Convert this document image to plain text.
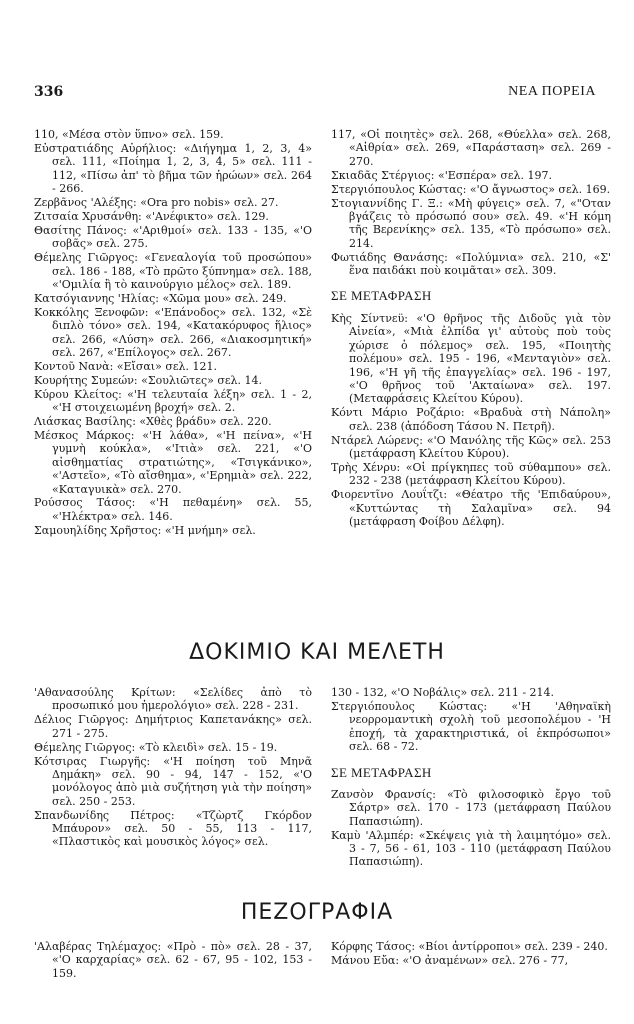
336	ΝΕΑ ΠΟΡΕΙΑ

110, «Μέσα στὸν ὕπνο» σελ. 159.

Εὐστρατιάδης Αὐρήλιος: «Διήγημα 1, 2, 3, 4» σελ. 111, «Ποίημα 1, 2, 3, 4, 5» σελ. 111 - 112, «Πίσω ἀπ' τὸ βῆμα τῶν ἡρώων» σελ. 264 - 266.

Ζερβᾶνος 'Αλέξης: «Ora pro nobis» σελ. 27.

Ζιτσαία Χρυσάνθη: «'Ανέφικτο» σελ. 129.

Θασίτης Πάνος: «'Αριθμοί» σελ. 133 - 135, «'Ο σοβᾶς» σελ. 275.

Θέμελης Γιῶργος: «Γενεαλογία τοῦ προσώπου» σελ. 186 - 188, «Τὸ πρῶτο ξύπνημα» σελ. 188, «'Ομιλία ἢ τὸ καινούργιο μέλος» σελ. 189.

Κατσόγιαννης 'Ηλίας: «Χῶμα μου» σελ. 249.

Κοκκόλης Ξενοφῶν: «'Επάνοδος» σελ. 132, «Σὲ διπλὸ τόνο» σελ. 194, «Κατακόρυφος ἥλιος» σελ. 266, «Λύση» σελ. 266, «Διακοσμητική» σελ. 267, «'Επίλογος» σελ. 267.

Κοντοῦ Νανὰ: «Εἴσαι» σελ. 121.

Κουρήτης Συμεών: «Σουλιῶτες» σελ. 14.

Κύρου Κλείτος: «'Η τελευταία λέξη» σελ. 1 - 2, «'Η στοιχειωμένη βροχή» σελ. 2.

Λιάσκας Βασίλης: «Χθὲς βράδυ» σελ. 220.

Μέσκος Μάρκος: «'Η λάθα», «'Η πείνα», «'Η γυμνὴ κούκλα», «'Ιτιὰ» σελ. 221, «'Ο αἰσθηματίας στρατιώτης», «Τσιγκάνικο», «'Αστεῖο», «Τὸ αἴσθημα», «'Ερημιὰ» σελ. 222, «Καταγυικὰ» σελ. 270.

Ρούσσος Τάσος: «'Η πεθαμένη» σελ. 55, «'Ηλέκτρα» σελ. 146.

Σαμουηλίδης Χρῆστος: «'Η μνήμη» σελ.

117, «Οἱ ποιητὲς» σελ. 268, «Θύελλα» σελ. 268, «Αἰθρία» σελ. 269, «Παράσταση» σελ. 269 - 270.

Σκιαδᾶς Στέργιος: «'Εσπέρα» σελ. 197.

Στεργιόπουλος Κώστας: «'Ο ἄγνωστος» σελ. 169.

Στογιαννίδης Γ. Ξ.: «Μὴ φύγεις» σελ. 7, «"Οταν βγάζεις τὸ πρόσωπό σου» σελ. 49. «'Η κόμη τῆς Βερενίκης» σελ. 135, «Τὸ πρόσωπο» σελ. 214.

Φωτιάδης Θανάσης: «Πολύμνια» σελ. 210, «Σ' ἕνα παιδάκι ποὺ κοιμᾶται» σελ. 309.

ΣΕ ΜΕΤΑΦΡΑΣΗ

Κὴς Σίντνεϋ: «'Ο θρῆνος τῆς Διδοῦς γιὰ τὸν Αἰνεία», «Μιὰ ἐλπίδα γι' αὐτοὺς ποὺ τοὺς χώρισε ὁ πόλεμος» σελ. 195, «Ποιητὴς πολέμου» σελ. 195 - 196, «Μενταγιὸν» σελ. 196, «'Η γῆ τῆς ἐπαγγελίας» σελ. 196 - 197, «'Ο θρῆνος τοῦ 'Ακταίωνα» σελ. 197. (Μεταφράσεις Κλείτου Κύρου).

Κόντι Μάριο Ροζάριο: «Βραδυὰ στὴ Νάπολη» σελ. 238 (ἀπόδοση Τάσου Ν. Πετρῆ).

Ντάρελ Λώρενς: «'Ο Μανόλης τῆς Κῶς» σελ. 253 (μετάφραση Κλείτου Κύρου).

Τρὴς Χένρυ: «Οἱ πρίγκηπες τοῦ σύθαμπου» σελ. 232 - 238 (μετάφραση Κλείτου Κύρου).

Φιορεντῖνο Λουΐτζι: «Θέατρο τῆς 'Επιδαύρου», «Κυττώντας τὴ Σαλαμῖνα» σελ. 94 (μετάφραση Φοίβου Δέλφη).

ΔΟΚΙΜΙΟ ΚΑΙ ΜΕΛΕΤΗ

'Αθανασούλης Κρίτων: «Σελίδες ἀπὸ τὸ προσωπικό μου ἡμερολόγιο» σελ. 228 - 231.

Δέλιος Γιῶργος: Δημήτριος Καπετανάκης» σελ. 271 - 275.

Θέμελης Γιῶργος: «Τὸ κλειδὶ» σελ. 15 - 19.

Κότσιρας Γιωργῆς: «'Η ποίηση τοῦ Μηνᾶ Δημάκη» σελ. 90 - 94, 147 - 152, «'Ο μονόλογος ἀπὸ μιὰ συζήτηση γιὰ τὴν ποίηση» σελ. 250 - 253.

Σπανδωνίδης Πέτρος: «Τζὼρτζ Γκόρδον Μπάυρον» σελ. 50 - 55, 113 - 117, «Πλαστικὸς καὶ μουσικὸς λόγος» σελ.

130 - 132, «'Ο Νοβάλις» σελ. 211 - 214.

Στεργιόπουλος Κώστας: «'Η 'Αθηναϊκὴ νεορρομαντικὴ σχολὴ τοῦ μεσοπολέμου - 'Η ἐποχή, τὰ χαρακτηριστικά, οἱ ἐκπρόσωποι» σελ. 68 - 72.

ΣΕ ΜΕΤΑΦΡΑΣΗ

Ζανσὸν Φρανσίς: «Τὸ φιλοσοφικὸ ἔργο τοῦ Σάρτρ» σελ. 170 - 173 (μετάφραση Παύλου Παπασιώπη).

Καμὺ 'Αλμπέρ: «Σκέψεις γιὰ τὴ λαιμητόμο» σελ. 3 - 7, 56 - 61, 103 - 110 (μετάφραση Παύλου Παπασιώπη).

ΠΕΖΟΓΡΑΦΙΑ

'Αλαβέρας Τηλέμαχος: «Πρὸ - πὸ» σελ. 28 - 37, «'Ο καρχαρίας» σελ. 62 - 67, 95 - 102, 153 - 159.

Κόρφης Τάσος: «Βίοι ἀντίρροποι» σελ. 239 - 240.

Μάνου Εὔα: «'Ο ἀναμένων» σελ. 276 - 77,
